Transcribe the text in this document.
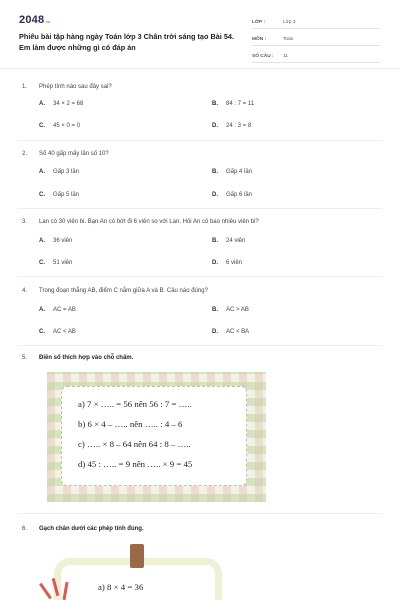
2048.vn
Phiếu bài tập hàng ngày Toán lớp 3 Chân trời sáng tạo Bài 54. Em làm được những gì có đáp án
LỚP :	Lớp 3
MÔN :	Toán
SỐ CÂU :	11
1. Phép tính nào sau đây sai?
A. 34 × 2 = 68	B. 84 : 7 = 11
C. 45 × 0 = 0	D. 24 : 3 = 8
2. Số 40 gấp mấy lần số 10?
A. Gấp 3 lần	B. Gấp 4 lần
C. Gấp 5 lần	D. Gấp 6 lần
3. Lan có 30 viên bi. Bạn An có bớt đi 6 viên so với Lan. Hỏi An có bao nhiêu viên bi?
A. 36 viên	B. 24 viên
C. 51 viên	D. 6 viên
4. Trong đoạn thẳng AB, điểm C nằm giữa A và B. Câu nào đúng?
A. AC = AB	B. AC > AB
C. AC < AB	D. AC < BA
5. Điền số thích hợp vào chỗ chấm.
a) 7 × ….. = 56 nên 56 : 7 = …..
b) 6 × 4 – ….. nên ….. : 4 – 6
c) ….. × 8 – 64 nên 64 : 8 – …..
d) 45 : ….. = 9 nên ….. × 9 = 45
6. Gạch chân dưới các phép tính đúng.
a) 8 × 4 = 36
